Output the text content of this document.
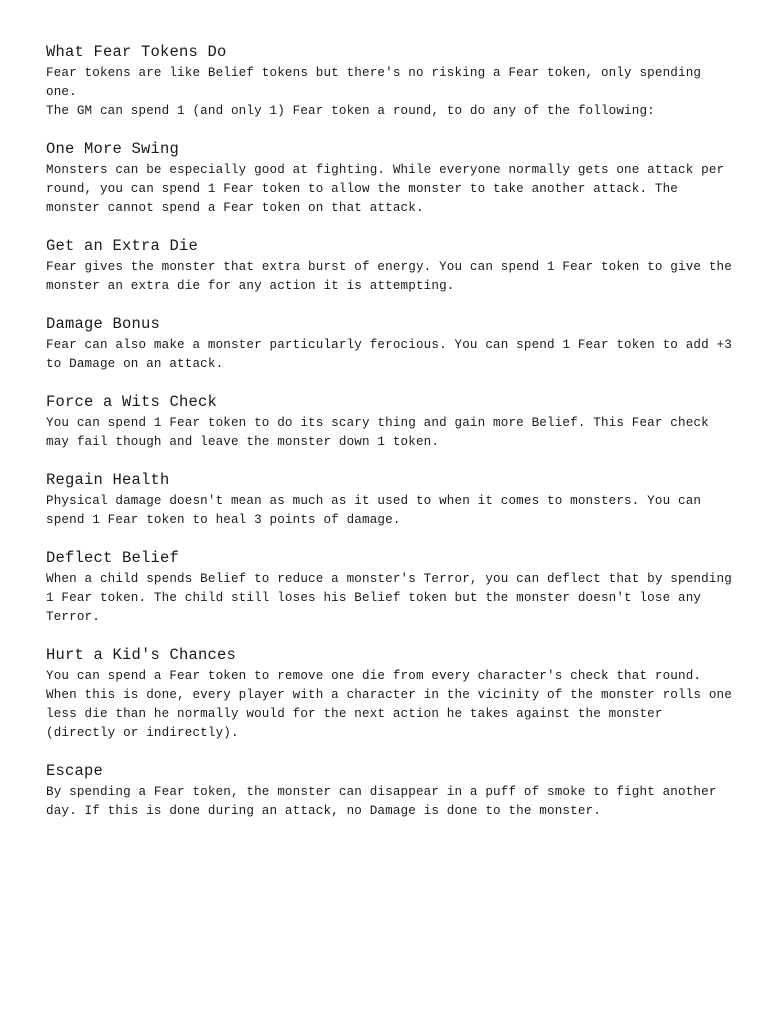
What Fear Tokens Do

Fear tokens are like Belief tokens but there's no risking a Fear token, only spending one.

The GM can spend 1 (and only 1) Fear token a round, to do any of the following:

One More Swing

Monsters can be especially good at fighting. While everyone normally gets one attack per round, you can spend 1 Fear token to allow the monster to take another attack. The monster cannot spend a Fear token on that attack.

Get an Extra Die

Fear gives the monster that extra burst of energy. You can spend 1 Fear token to give the monster an extra die for any action it is attempting.

Damage Bonus

Fear can also make a monster particularly ferocious. You can spend 1 Fear token to add +3 to Damage on an attack.

Force a Wits Check

You can spend 1 Fear token to do its scary thing and gain more Belief. This Fear check may fail though and leave the monster down 1 token.

Regain Health

Physical damage doesn't mean as much as it used to when it comes to monsters. You can spend 1 Fear token to heal 3 points of damage.

Deflect Belief

When a child spends Belief to reduce a monster's Terror, you can deflect that by spending 1 Fear token. The child still loses his Belief token but the monster doesn't lose any Terror.

Hurt a Kid's Chances

You can spend a Fear token to remove one die from every character's check that round. When this is done, every player with a character in the vicinity of the monster rolls one less die than he normally would for the next action he takes against the monster (directly or indirectly).

Escape

By spending a Fear token, the monster can disappear in a puff of smoke to fight another day. If this is done during an attack, no Damage is done to the monster.
